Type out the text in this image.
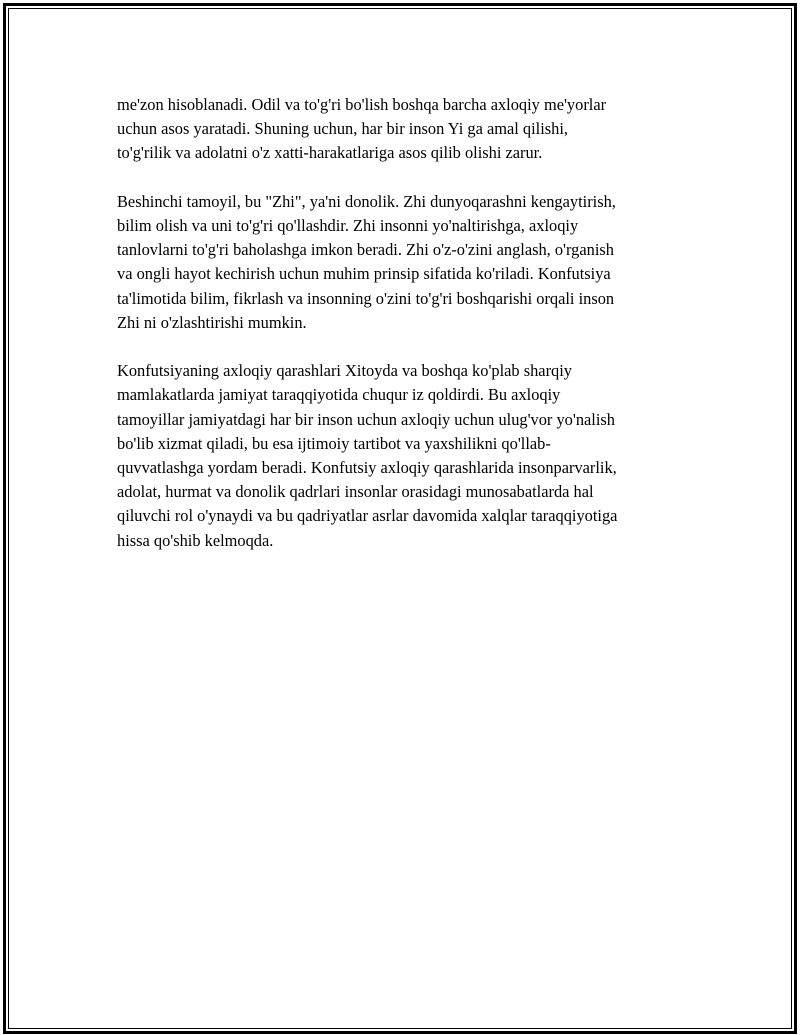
me'zon hisoblanadi. Odil va to'g'ri bo'lish boshqa barcha axloqiy me'yorlar
uchun asos yaratadi. Shuning uchun, har bir inson Yi ga amal qilishi,
to'g'rilik va adolatni o'z xatti-harakatlariga asos qilib olishi zarur.

Beshinchi tamoyil, bu "Zhi", ya'ni donolik. Zhi dunyoqarashni kengaytirish,
bilim olish va uni to'g'ri qo'llashdir. Zhi insonni yo'naltirishga, axloqiy
tanlovlarni to'g'ri baholashga imkon beradi. Zhi o'z-o'zini anglash, o'rganish
va ongli hayot kechirish uchun muhim prinsip sifatida ko'riladi. Konfutsiya
ta'limotida bilim, fikrlash va insonning o'zini to'g'ri boshqarishi orqali inson
Zhi ni o'zlashtirishi mumkin.

Konfutsiyaning axloqiy qarashlari Xitoyda va boshqa ko'plab sharqiy
mamlakatlarda jamiyat taraqqiyotida chuqur iz qoldirdi. Bu axloqiy
tamoyillar jamiyatdagi har bir inson uchun axloqiy uchun ulug'vor yo'nalish
bo'lib xizmat qiladi, bu esa ijtimoiy tartibot va yaxshilikni qo'llab-
quvvatlashga yordam beradi. Konfutsiy axloqiy qarashlarida insonparvarlik,
adolat, hurmat va donolik qadrlari insonlar orasidagi munosabatlarda hal
qiluvchi rol o'ynaydi va bu qadriyatlar asrlar davomida xalqlar taraqqiyotiga
hissa qo'shib kelmoqda.
